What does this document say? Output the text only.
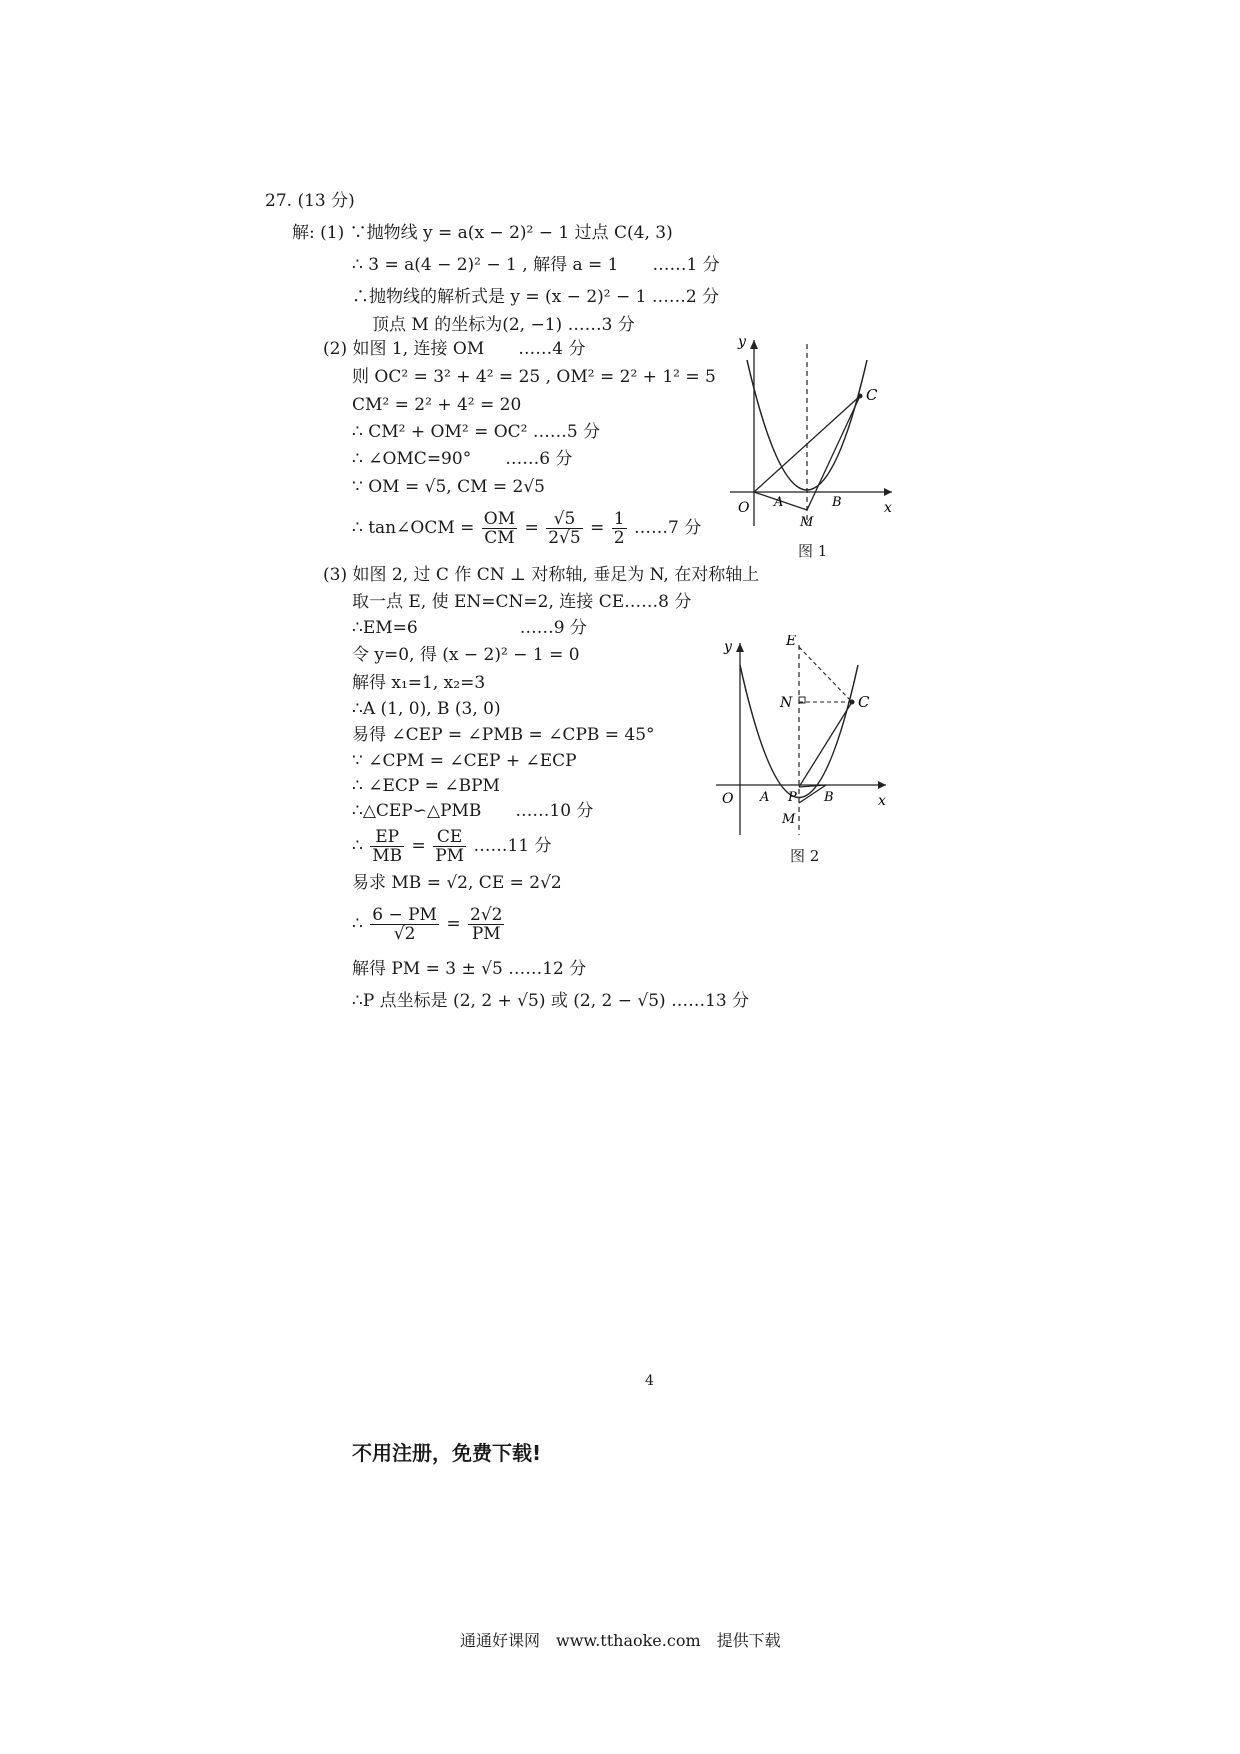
27. (13 分)
解: (1) ∵抛物线 y = a(x − 2)² − 1 过点 C(4, 3)
∴ 3 = a(4 − 2)² − 1 , 解得 a = 1　　……1 分
∴抛物线的解析式是 y = (x − 2)² − 1 ……2 分
顶点 M 的坐标为(2, −1) ……3 分
(2) 如图 1, 连接 OM　　……4 分
则 OC² = 3² + 4² = 25 , OM² = 2² + 1² = 5
CM² = 2² + 4² = 20
∴ CM² + OM² = OC² ……5 分
∴ ∠OMC=90°　　……6 分
∵ OM = √5, CM = 2√5
∴ tan∠OCM = $\frac{OM}{CM} = \frac{√5}{2√5} = \frac{1}{2}$ ……7 分
(3) 如图 2, 过 C 作 CN ⊥ 对称轴, 垂足为 N, 在对称轴上
取一点 E, 使 EN=CN=2, 连接 CE……8 分
∴EM=6　　　　　　……9 分
令 y=0, 得 (x − 2)² − 1 = 0
解得 x₁=1, x₂=3
∴A (1, 0), B (3, 0)
易得 ∠CEP = ∠PMB = ∠CPB = 45°
∵ ∠CPM = ∠CEP + ∠ECP
∴ ∠ECP = ∠BPM
∴△CEP∽△PMB　　……10 分
∴ $\frac{EP}{MB} = \frac{CE}{PM}$ ……11 分
易求 MB = √2, CE = 2√2
∴ $\frac{6 - PM}{√2} = \frac{2√2}{PM}$
解得 PM = 3 ± √5 ……12 分
∴P 点坐标是 (2, 2 + √5) 或 (2, 2 − √5) ……13 分
O A	B
M
C
y
x
图 1
E
N	C
O A P B
M
y
x
图 2
4
不用注册，免费下载!
通通好课网　www.tthaoke.com　提供下载
